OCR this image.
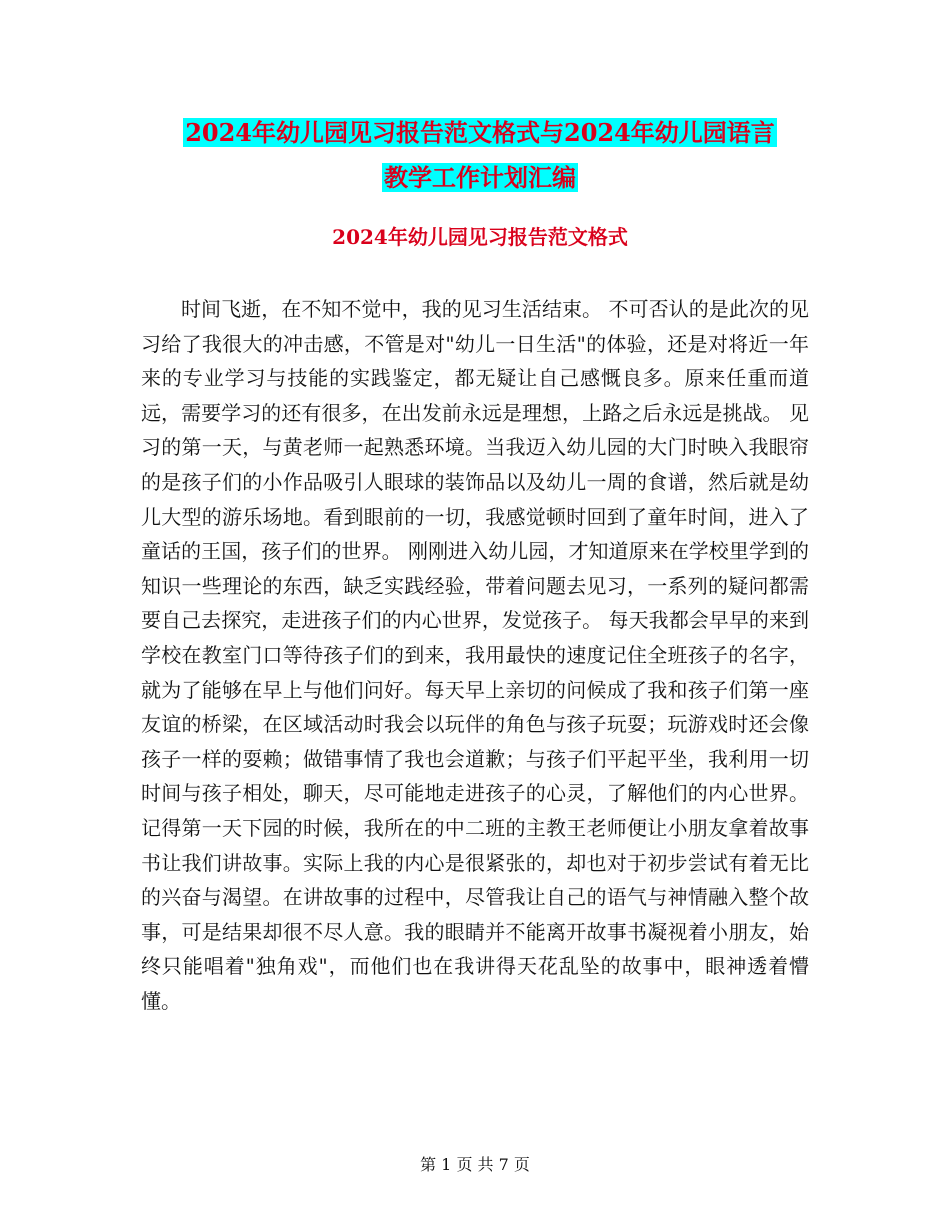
2024年幼儿园见习报告范文格式与2024年幼儿园语言
教学工作计划汇编
2024年幼儿园见习报告范文格式

时间飞逝，在不知不觉中，我的见习生活结束。 不可否认的是此次的见习给了我很大的冲击感，不管是对"幼儿一日生活"的体验，还是对将近一年来的专业学习与技能的实践鉴定，都无疑让自己感慨良多。原来任重而道远，需要学习的还有很多，在出发前永远是理想，上路之后永远是挑战。 见习的第一天，与黄老师一起熟悉环境。当我迈入幼儿园的大门时映入我眼帘的是孩子们的小作品吸引人眼球的装饰品以及幼儿一周的食谱，然后就是幼儿大型的游乐场地。看到眼前的一切，我感觉顿时回到了童年时间，进入了童话的王国，孩子们的世界。 刚刚进入幼儿园，才知道原来在学校里学到的知识一些理论的东西，缺乏实践经验，带着问题去见习，一系列的疑问都需要自己去探究，走进孩子们的内心世界，发觉孩子。 每天我都会早早的来到学校在教室门口等待孩子们的到来，我用最快的速度记住全班孩子的名字，就为了能够在早上与他们问好。每天早上亲切的问候成了我和孩子们第一座友谊的桥梁，在区域活动时我会以玩伴的角色与孩子玩耍；玩游戏时还会像孩子一样的耍赖；做错事情了我也会道歉；与孩子们平起平坐，我利用一切时间与孩子相处，聊天，尽可能地走进孩子的心灵，了解他们的内心世界。 记得第一天下园的时候，我所在的中二班的主教王老师便让小朋友拿着故事书让我们讲故事。实际上我的内心是很紧张的，却也对于初步尝试有着无比的兴奋与渴望。在讲故事的过程中，尽管我让自己的语气与神情融入整个故事，可是结果却很不尽人意。我的眼睛并不能离开故事书凝视着小朋友，始终只能唱着"独角戏"，而他们也在我讲得天花乱坠的故事中，眼神透着懵懂。

第 1 页 共 7 页
